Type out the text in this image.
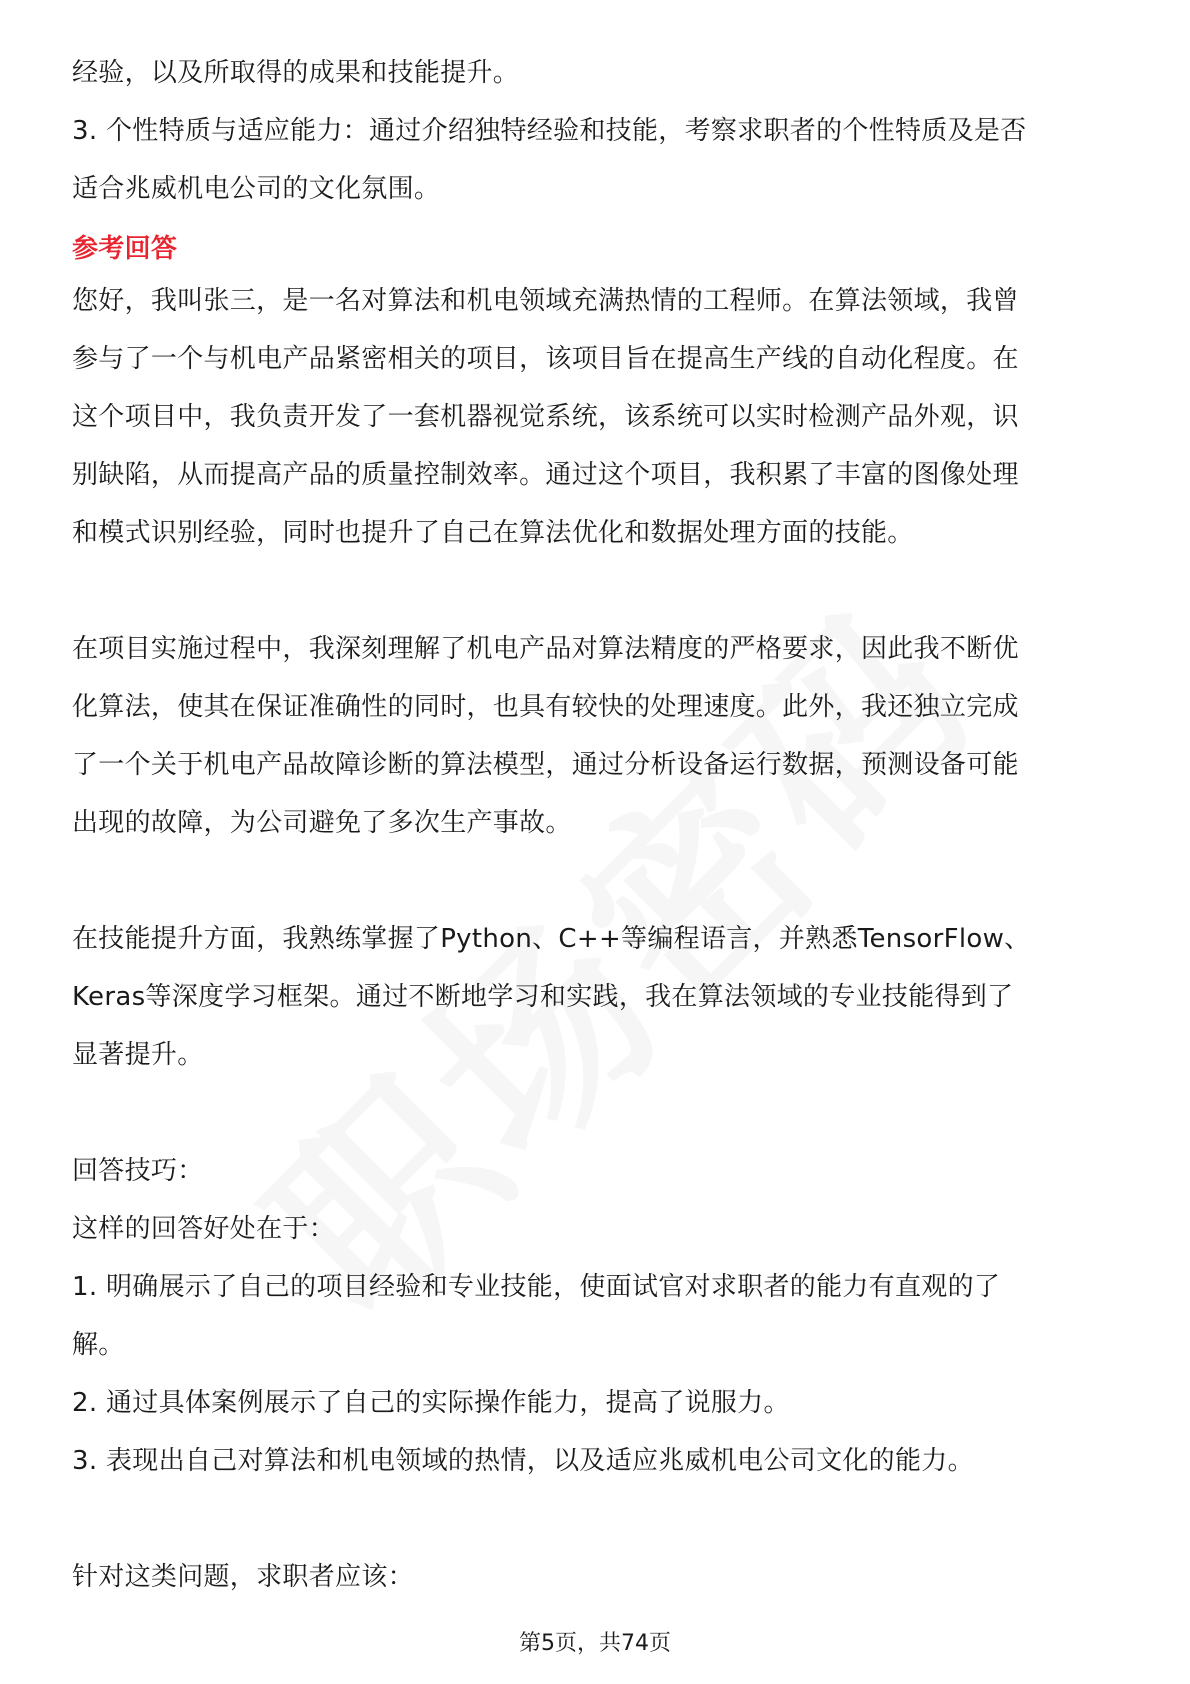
经验，以及所取得的成果和技能提升。

3. 个性特质与适应能力：通过介绍独特经验和技能，考察求职者的个性特质及是否

适合兆威机电公司的文化氛围。

参考回答

您好，我叫张三，是一名对算法和机电领域充满热情的工程师。在算法领域，我曾

参与了一个与机电产品紧密相关的项目，该项目旨在提高生产线的自动化程度。在

这个项目中，我负责开发了一套机器视觉系统，该系统可以实时检测产品外观，识

别缺陷，从而提高产品的质量控制效率。通过这个项目，我积累了丰富的图像处理

和模式识别经验，同时也提升了自己在算法优化和数据处理方面的技能。

在项目实施过程中，我深刻理解了机电产品对算法精度的严格要求，因此我不断优

化算法，使其在保证准确性的同时，也具有较快的处理速度。此外，我还独立完成

了一个关于机电产品故障诊断的算法模型，通过分析设备运行数据，预测设备可能

出现的故障，为公司避免了多次生产事故。

在技能提升方面，我熟练掌握了Python、C++等编程语言，并熟悉TensorFlow、

Keras等深度学习框架。通过不断地学习和实践，我在算法领域的专业技能得到了

显著提升。

回答技巧：

这样的回答好处在于：

1. 明确展示了自己的项目经验和专业技能，使面试官对求职者的能力有直观的了

解。

2. 通过具体案例展示了自己的实际操作能力，提高了说服力。

3. 表现出自己对算法和机电领域的热情，以及适应兆威机电公司文化的能力。

针对这类问题，求职者应该：

第5页，共74页
